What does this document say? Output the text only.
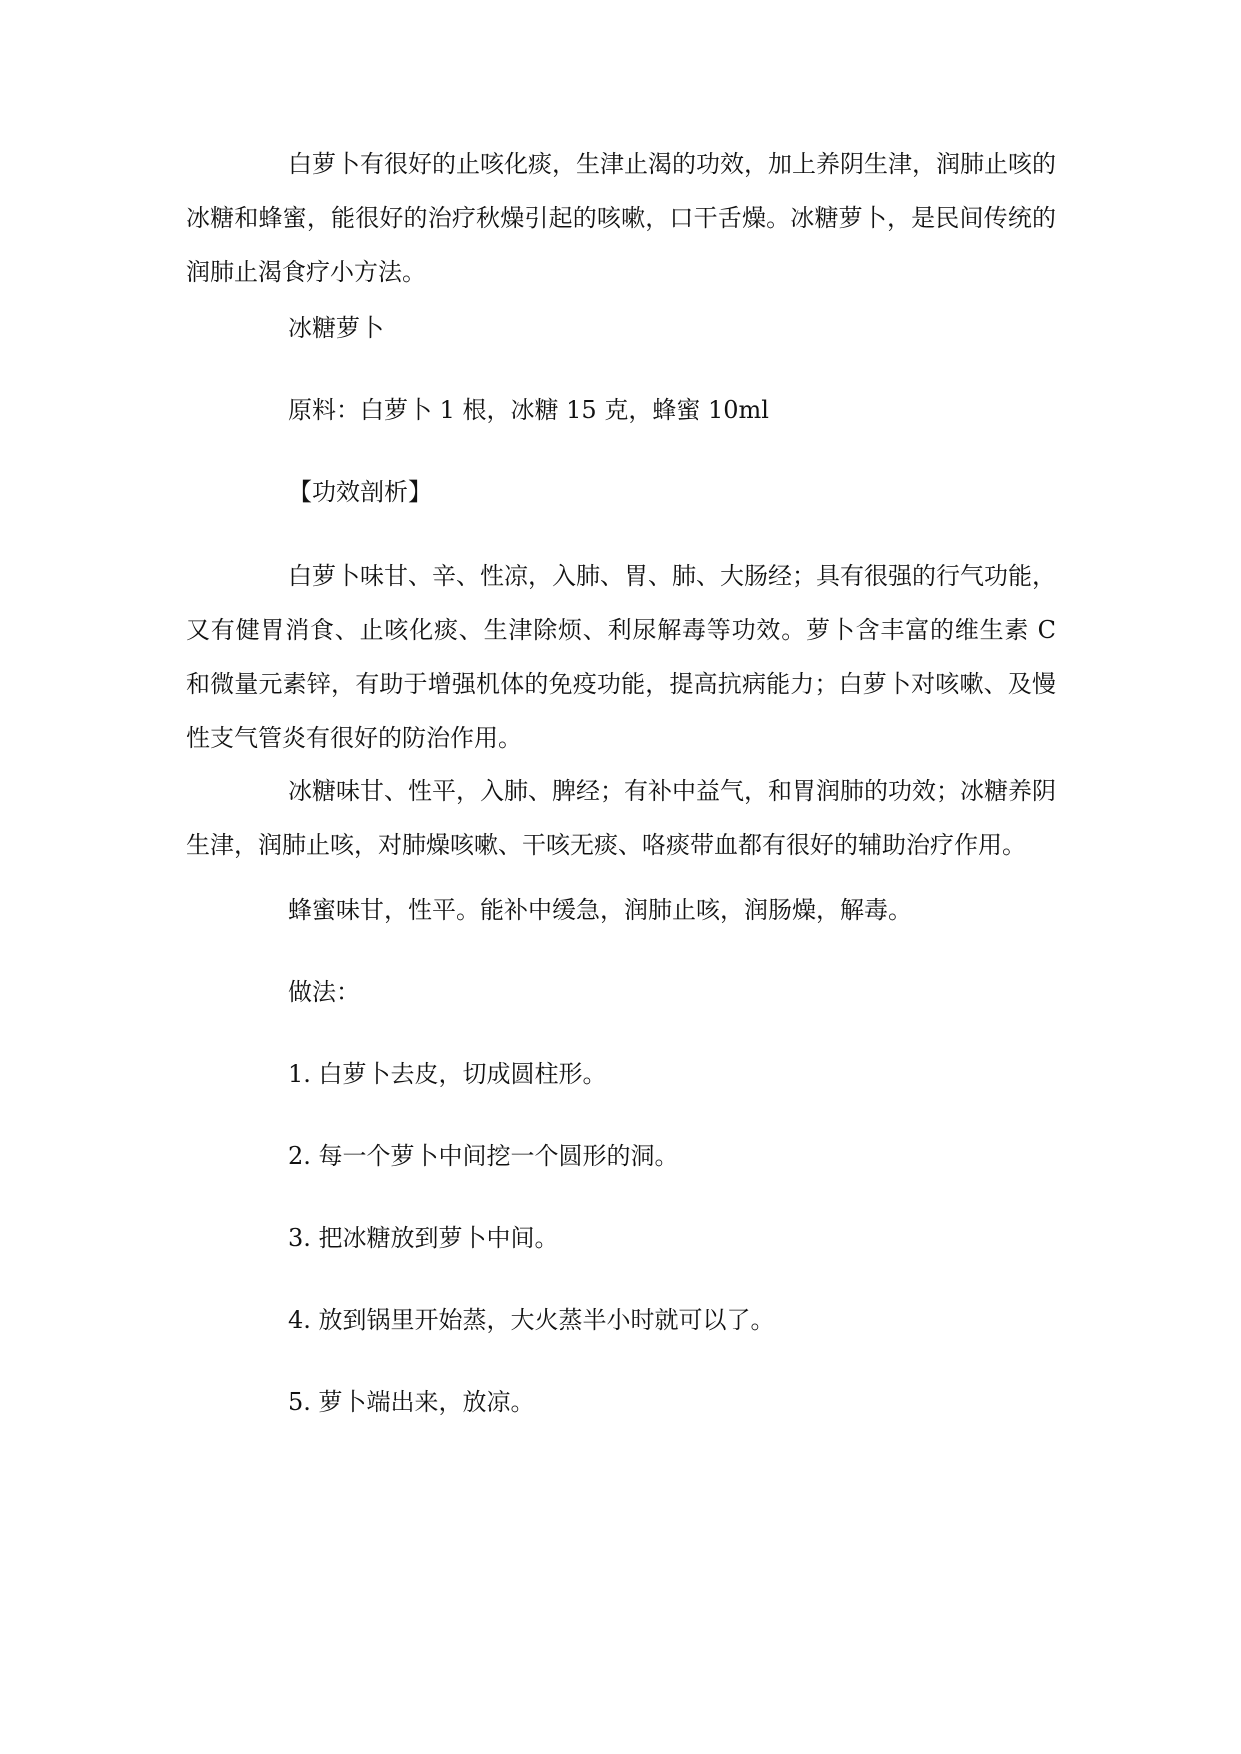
白萝卜有很好的止咳化痰，生津止渴的功效，加上养阴生津，润肺止咳的冰糖和蜂蜜，能很好的治疗秋燥引起的咳嗽，口干舌燥。冰糖萝卜，是民间传统的润肺止渴食疗小方法。

冰糖萝卜

原料：白萝卜 1 根，冰糖 15 克，蜂蜜 10ml

【功效剖析】

白萝卜味甘、辛、性凉，入肺、胃、肺、大肠经；具有很强的行气功能，又有健胃消食、止咳化痰、生津除烦、利尿解毒等功效。萝卜含丰富的维生素 C 和微量元素锌，有助于增强机体的免疫功能，提高抗病能力；白萝卜对咳嗽、及慢性支气管炎有很好的防治作用。

冰糖味甘、性平，入肺、脾经；有补中益气，和胃润肺的功效；冰糖养阴生津，润肺止咳，对肺燥咳嗽、干咳无痰、咯痰带血都有很好的辅助治疗作用。

蜂蜜味甘，性平。能补中缓急，润肺止咳，润肠燥，解毒。

做法：

1. 白萝卜去皮，切成圆柱形。

2. 每一个萝卜中间挖一个圆形的洞。

3. 把冰糖放到萝卜中间。

4. 放到锅里开始蒸，大火蒸半小时就可以了。

5. 萝卜端出来，放凉。
